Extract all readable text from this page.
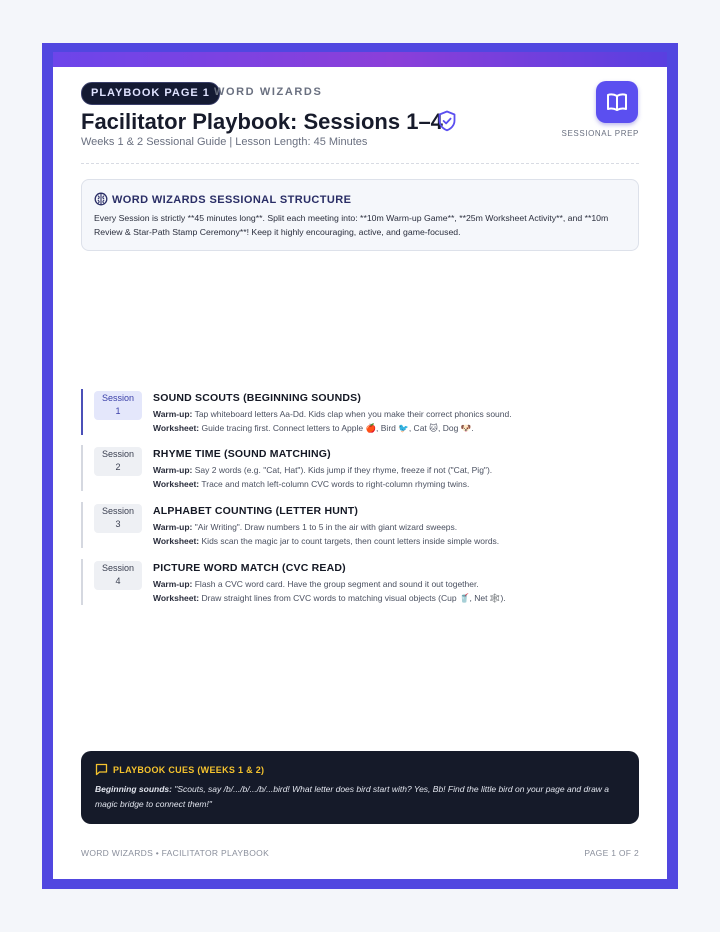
PLAYBOOK PAGE 1 WORD WIZARDS
Facilitator Playbook: Sessions 1–4
Weeks 1 & 2 Sessional Guide | Lesson Length: 45 Minutes
SESSIONAL PREP
WORD WIZARDS SESSIONAL STRUCTURE
Every Session is strictly **45 minutes long**. Split each meeting into: **10m Warm-up Game**, **25m Worksheet Activity**, and **10m Review & Star-Path Stamp Ceremony**! Keep it highly encouraging, active, and game-focused.
Session
1
SOUND SCOUTS (BEGINNING SOUNDS)
Warm-up: Tap whiteboard letters Aa-Dd. Kids clap when you make their correct phonics sound.
Worksheet: Guide tracing first. Connect letters to Apple 🍎, Bird 🐦, Cat 🐱, Dog 🐶.
Session
2
RHYME TIME (SOUND MATCHING)
Warm-up: Say 2 words (e.g. "Cat, Hat"). Kids jump if they rhyme, freeze if not ("Cat, Pig").
Worksheet: Trace and match left-column CVC words to right-column rhyming twins.
Session
3
ALPHABET COUNTING (LETTER HUNT)
Warm-up: "Air Writing". Draw numbers 1 to 5 in the air with giant wizard sweeps.
Worksheet: Kids scan the magic jar to count targets, then count letters inside simple words.
Session
4
PICTURE WORD MATCH (CVC READ)
Warm-up: Flash a CVC word card. Have the group segment and sound it out together.
Worksheet: Draw straight lines from CVC words to matching visual objects (Cup 🥤, Net 🕸️).
PLAYBOOK CUES (WEEKS 1 & 2)
Beginning sounds: "Scouts, say /b/.../b/.../b/...bird! What letter does bird start with? Yes, Bb! Find the little bird on your page and draw a magic bridge to connect them!"
WORD WIZARDS • FACILITATOR PLAYBOOK	PAGE 1 OF 2
